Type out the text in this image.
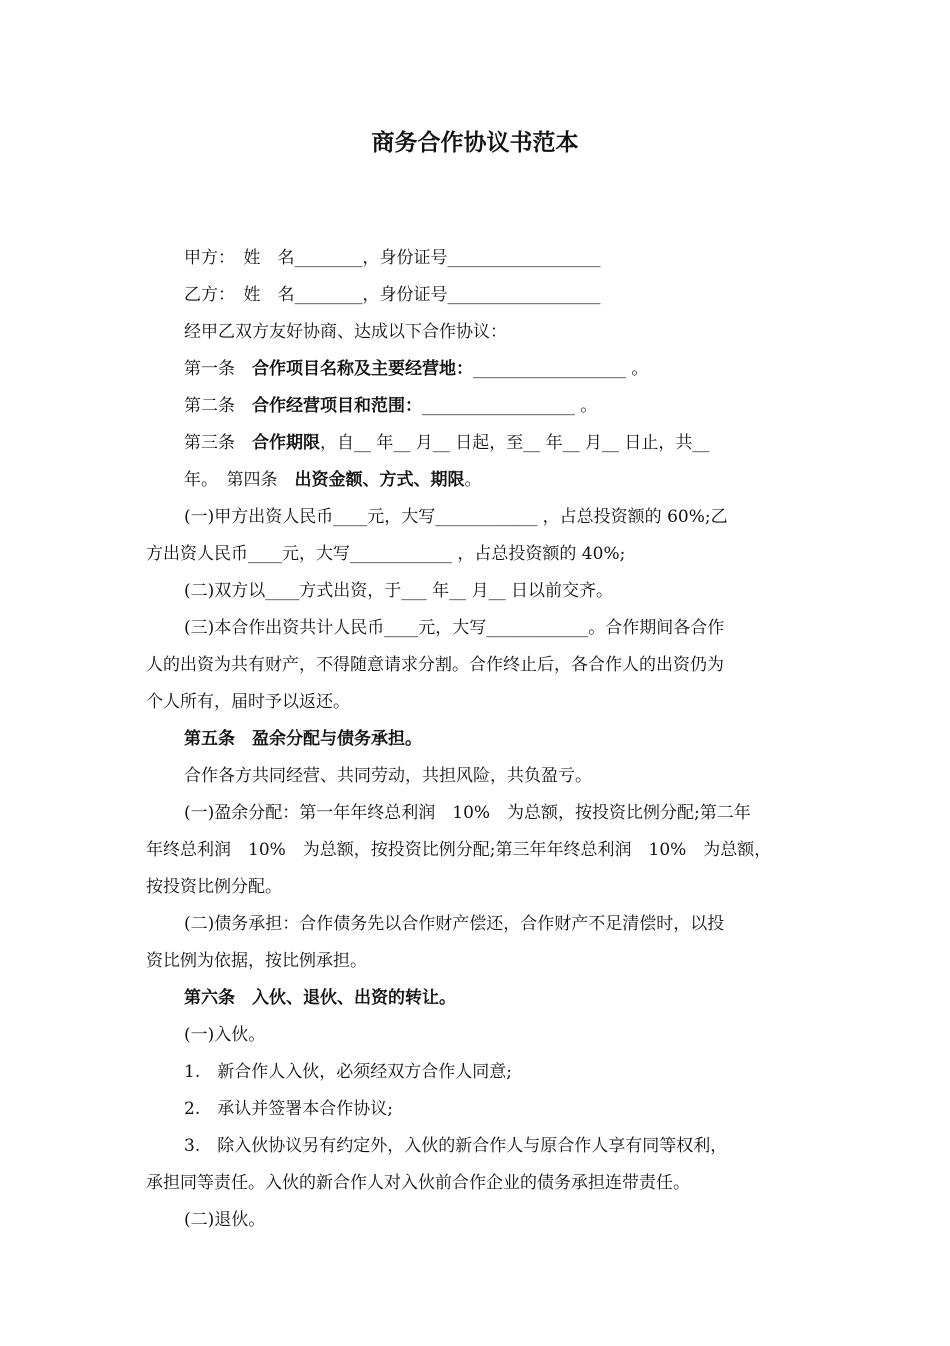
商务合作协议书范本
甲方：　姓　名________，身份证号__________________
乙方：　姓　名________，身份证号__________________
经甲乙双方友好协商、达成以下合作协议：
第一条　合作项目名称及主要经营地：__________________ 。
第二条　合作经营项目和范围：__________________ 。
第三条　合作期限，自__ 年__ 月__ 日起，至__ 年__ 月__ 日止，共__
年。　第四条　出资金额、方式、期限。
(一)甲方出资人民币____元，大写____________ ，占总投资额的 60%;乙
方出资人民币____元，大写____________ ，占总投资额的 40%;
(二)双方以____方式出资，于___ 年__ 月__ 日以前交齐。
(三)本合作出资共计人民币____元，大写____________。合作期间各合作
人的出资为共有财产，不得随意请求分割。合作终止后，各合作人的出资仍为
个人所有，届时予以返还。
第五条　盈余分配与债务承担。
合作各方共同经营、共同劳动，共担风险，共负盈亏。
(一)盈余分配：第一年年终总利润　10%　为总额，按投资比例分配;第二年
年终总利润　10%　为总额，按投资比例分配;第三年年终总利润　10%　为总额，
按投资比例分配。
(二)债务承担：合作债务先以合作财产偿还，合作财产不足清偿时，以投
资比例为依据，按比例承担。
第六条　入伙、退伙、出资的转让。
(一)入伙。
1.　新合作人入伙，必须经双方合作人同意;
2.　承认并签署本合作协议;
3.　除入伙协议另有约定外，入伙的新合作人与原合作人享有同等权利，
承担同等责任。入伙的新合作人对入伙前合作企业的债务承担连带责任。
(二)退伙。
